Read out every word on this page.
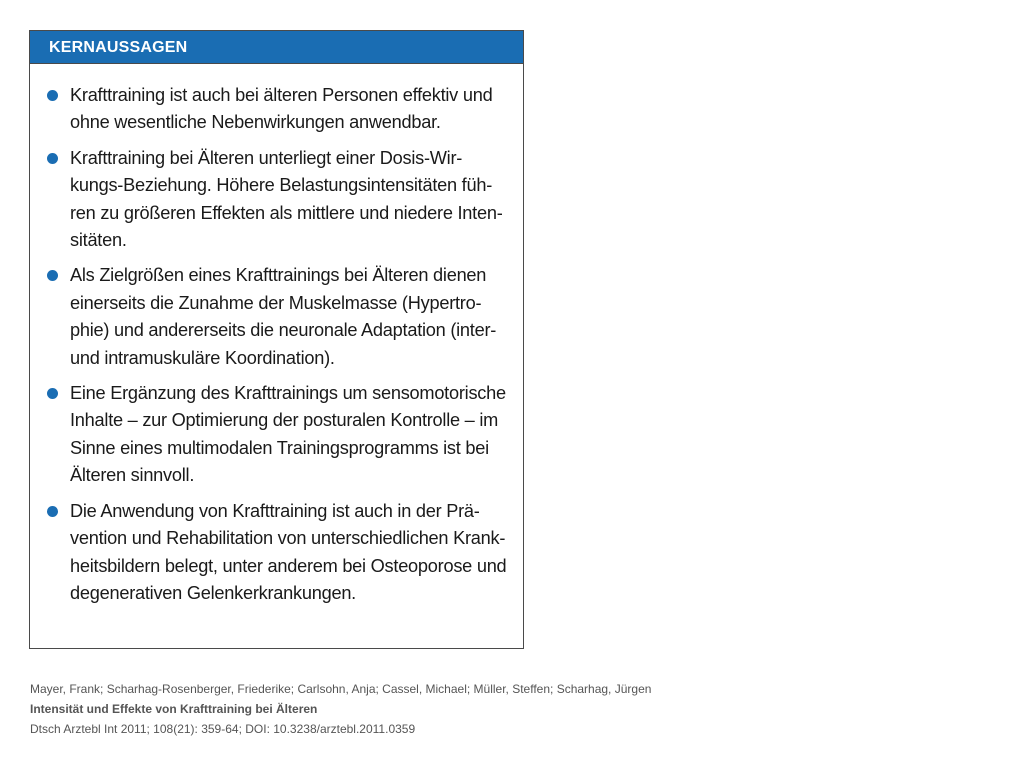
KERNAUSSAGEN
Krafttraining ist auch bei älteren Personen effektiv und
ohne wesentliche Nebenwirkungen anwendbar.
Krafttraining bei Älteren unterliegt einer Dosis-Wir-
kungs-Beziehung. Höhere Belastungsintensitäten füh-
ren zu größeren Effekten als mittlere und niedere Inten-
sitäten.
Als Zielgrößen eines Krafttrainings bei Älteren dienen
einerseits die Zunahme der Muskelmasse (Hypertro-
phie) und andererseits die neuronale Adaptation (inter-
und intramuskuläre Koordination).
Eine Ergänzung des Krafttrainings um sensomotorische
Inhalte – zur Optimierung der posturalen Kontrolle – im
Sinne eines multimodalen Trainingsprogramms ist bei
Älteren sinnvoll.
Die Anwendung von Krafttraining ist auch in der Prä-
vention und Rehabilitation von unterschiedlichen Krank-
heitsbildern belegt, unter anderem bei Osteoporose und
degenerativen Gelenkerkrankungen.
Mayer, Frank; Scharhag-Rosenberger, Friederike; Carlsohn, Anja; Cassel, Michael; Müller, Steffen; Scharhag, Jürgen
Intensität und Effekte von Krafttraining bei Älteren
Dtsch Arztebl Int 2011; 108(21): 359-64; DOI: 10.3238/arztebl.2011.0359
